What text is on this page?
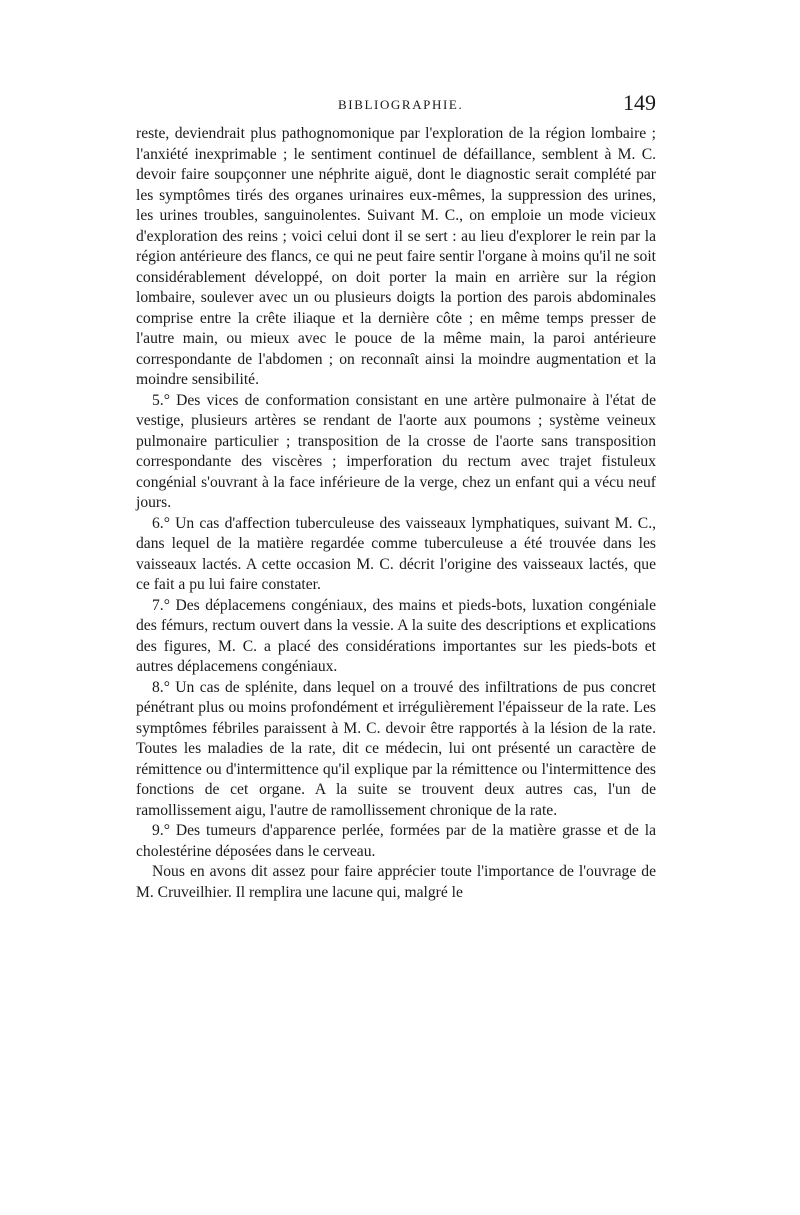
BIBLIOGRAPHIE.	149

reste, deviendrait plus pathognomonique par l'exploration de la région lombaire ; l'anxiété inexprimable ; le sentiment continuel de défaillance, semblent à M. C. devoir faire soupçonner une néphrite aiguë, dont le diagnostic serait complété par les symptômes tirés des organes urinaires eux-mêmes, la suppression des urines, les urines troubles, sanguinolentes. Suivant M. C., on emploie un mode vicieux d'exploration des reins ; voici celui dont il se sert : au lieu d'explorer le rein par la région antérieure des flancs, ce qui ne peut faire sentir l'organe à moins qu'il ne soit considérablement développé, on doit porter la main en arrière sur la région lombaire, soulever avec un ou plusieurs doigts la portion des parois abdominales comprise entre la crête iliaque et la dernière côte ; en même temps presser de l'autre main, ou mieux avec le pouce de la même main, la paroi antérieure correspondante de l'abdomen ; on reconnaît ainsi la moindre augmentation et la moindre sensibilité.

5.° Des vices de conformation consistant en une artère pulmonaire à l'état de vestige, plusieurs artères se rendant de l'aorte aux poumons ; système veineux pulmonaire particulier ; transposition de la crosse de l'aorte sans transposition correspondante des viscères ; imperforation du rectum avec trajet fistuleux congénial s'ouvrant à la face inférieure de la verge, chez un enfant qui a vécu neuf jours.

6.° Un cas d'affection tuberculeuse des vaisseaux lymphatiques, suivant M. C., dans lequel de la matière regardée comme tuberculeuse a été trouvée dans les vaisseaux lactés. A cette occasion M. C. décrit l'origine des vaisseaux lactés, que ce fait a pu lui faire constater.

7.° Des déplacemens congéniaux, des mains et pieds-bots, luxation congéniale des fémurs, rectum ouvert dans la vessie. A la suite des descriptions et explications des figures, M. C. a placé des considérations importantes sur les pieds-bots et autres déplacemens congéniaux.

8.° Un cas de splénite, dans lequel on a trouvé des infiltrations de pus concret pénétrant plus ou moins profondément et irrégulièrement l'épaisseur de la rate. Les symptômes fébriles paraissent à M. C. devoir être rapportés à la lésion de la rate. Toutes les maladies de la rate, dit ce médecin, lui ont présenté un caractère de rémittence ou d'intermittence qu'il explique par la rémittence ou l'intermittence des fonctions de cet organe. A la suite se trouvent deux autres cas, l'un de ramollissement aigu, l'autre de ramollissement chronique de la rate.

9.° Des tumeurs d'apparence perlée, formées par de la matière grasse et de la cholestérine déposées dans le cerveau.

Nous en avons dit assez pour faire apprécier toute l'importance de l'ouvrage de M. Cruveilhier. Il remplira une lacune qui, malgré le
